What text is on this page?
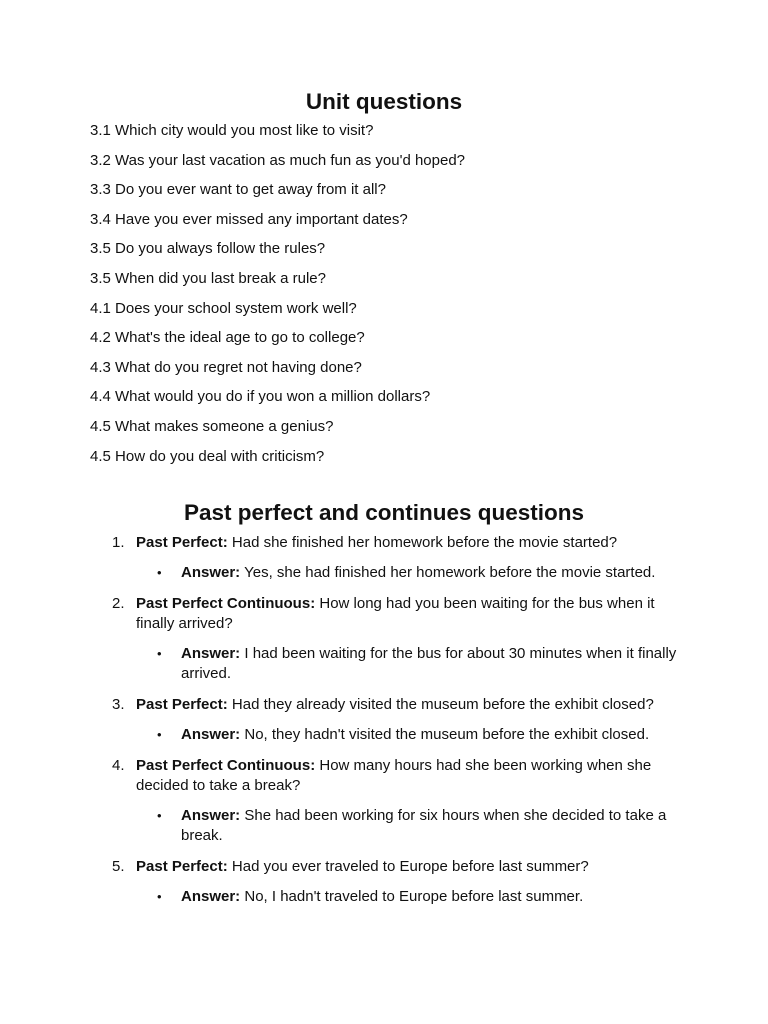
Unit questions
3.1 Which city would you most like to visit?
3.2 Was your last vacation as much fun as you'd hoped?
3.3 Do you ever want to get away from it all?
3.4 Have you ever missed any important dates?
3.5 Do you always follow the rules?
3.5 When did you last break a rule?
4.1 Does your school system work well?
4.2 What's the ideal age to go to college?
4.3 What do you regret not having done?
4.4 What would you do if you won a million dollars?
4.5 What makes someone a genius?
4.5 How do you deal with criticism?
Past perfect and continues questions
1. Past Perfect: Had she finished her homework before the movie started?
• Answer: Yes, she had finished her homework before the movie started.
2. Past Perfect Continuous: How long had you been waiting for the bus when it finally arrived?
• Answer: I had been waiting for the bus for about 30 minutes when it finally arrived.
3. Past Perfect: Had they already visited the museum before the exhibit closed?
• Answer: No, they hadn't visited the museum before the exhibit closed.
4. Past Perfect Continuous: How many hours had she been working when she decided to take a break?
• Answer: She had been working for six hours when she decided to take a break.
5. Past Perfect: Had you ever traveled to Europe before last summer?
• Answer: No, I hadn't traveled to Europe before last summer.
